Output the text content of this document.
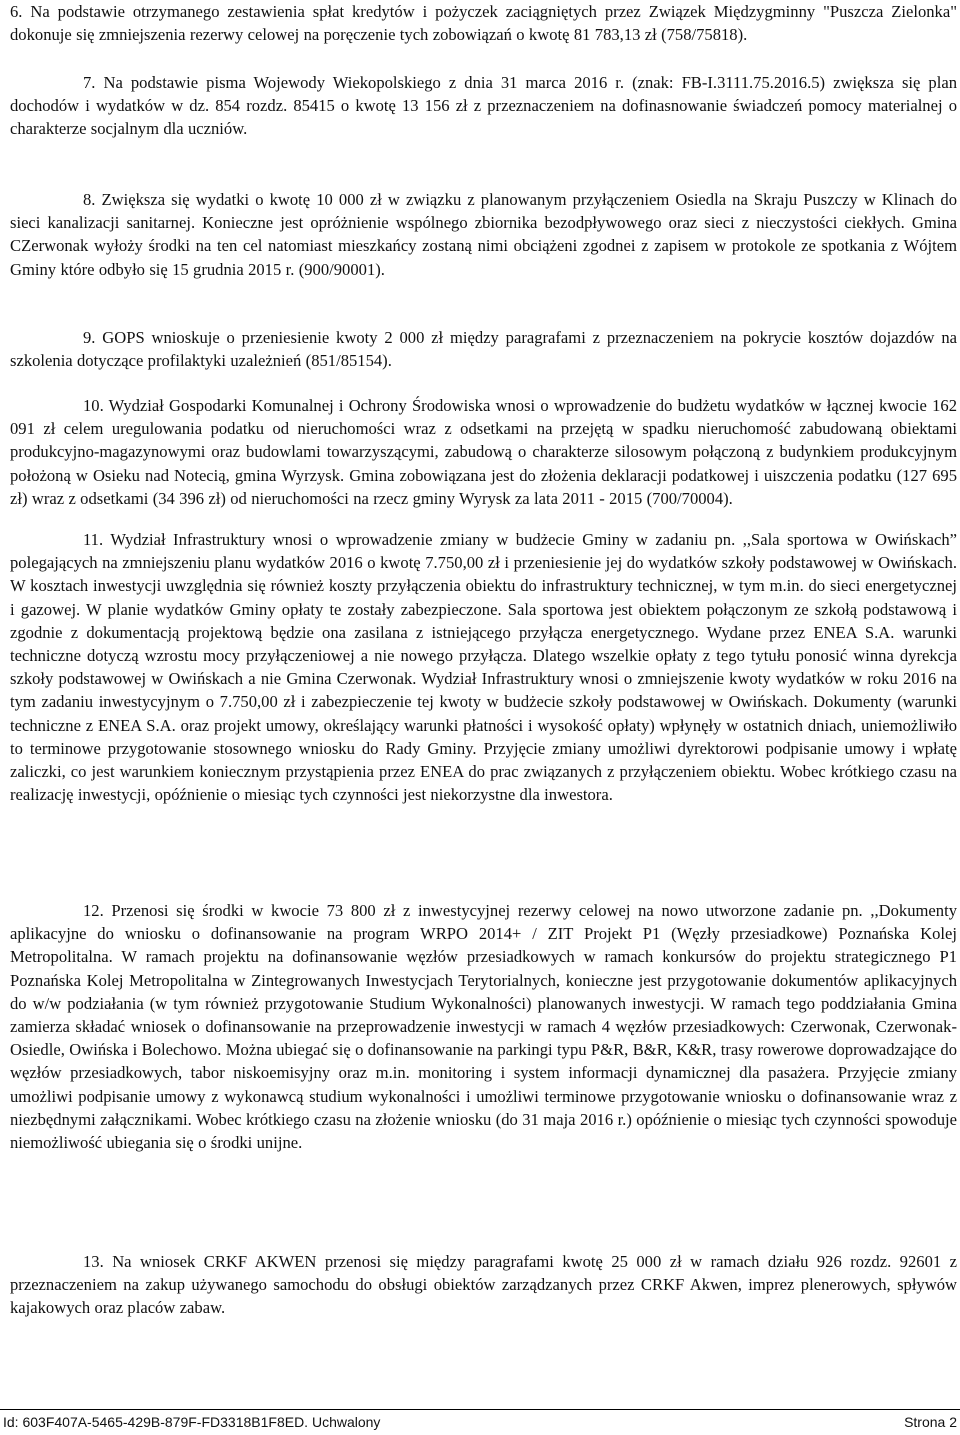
6. Na podstawie otrzymanego zestawienia spłat kredytów i pożyczek zaciągniętych przez Związek Międzygminny "Puszcza Zielonka" dokonuje się zmniejszenia rezerwy celowej na poręczenie tych zobowiązań o kwotę 81 783,13 zł (758/75818).

7. Na podstawie pisma Wojewody Wiekopolskiego z dnia 31 marca 2016 r. (znak: FB-I.3111.75.2016.5) zwiększa się plan dochodów i wydatków w dz. 854 rozdz. 85415 o kwotę 13 156 zł z przeznaczeniem na dofinasnowanie świadczeń pomocy materialnej o charakterze socjalnym dla uczniów.

8. Zwiększa się wydatki o kwotę 10 000 zł w związku z planowanym przyłączeniem Osiedla na Skraju Puszczy w Klinach do sieci kanalizacji sanitarnej. Konieczne jest opróżnienie wspólnego zbiornika bezodpływowego oraz sieci z nieczystości ciekłych. Gmina CZerwonak wyłoży środki na ten cel natomiast mieszkańcy zostaną nimi obciążeni zgodnei z zapisem w protokole ze spotkania z Wójtem Gminy które odbyło się 15 grudnia 2015 r. (900/90001).

9. GOPS wnioskuje o przeniesienie kwoty 2 000 zł między paragrafami z przeznaczeniem na pokrycie kosztów dojazdów na szkolenia dotyczące profilaktyki uzależnień (851/85154).

10. Wydział Gospodarki Komunalnej i Ochrony Środowiska wnosi o wprowadzenie do budżetu wydatków w łącznej kwocie 162 091 zł celem uregulowania podatku od nieruchomości wraz z odsetkami na przejętą w spadku nieruchomość zabudowaną obiektami produkcyjno-magazynowymi oraz budowlami towarzyszącymi, zabudową o charakterze silosowym połączoną z budynkiem produkcyjnym położoną w Osieku nad Notecią, gmina Wyrzysk. Gmina zobowiązana jest do złożenia deklaracji podatkowej i uiszczenia podatku (127 695 zł) wraz z odsetkami (34 396 zł) od nieruchomości na rzecz gminy Wyrysk za lata 2011 - 2015 (700/70004).

11. Wydział Infrastruktury wnosi o wprowadzenie zmiany w budżecie Gminy w zadaniu pn. ,,Sala sportowa w Owińskach” polegających na zmniejszeniu planu wydatków 2016 o kwotę 7.750,00 zł i przeniesienie jej do wydatków szkoły podstawowej w Owińskach. W kosztach inwestycji uwzględnia się również koszty przyłączenia obiektu do infrastruktury technicznej, w tym m.in. do sieci energetycznej i gazowej. W planie wydatków Gminy opłaty te zostały zabezpieczone. Sala sportowa jest obiektem połączonym ze szkołą podstawową i zgodnie z dokumentacją projektową będzie ona zasilana z istniejącego przyłącza energetycznego. Wydane przez ENEA S.A. warunki techniczne dotyczą wzrostu mocy przyłączeniowej a nie nowego przyłącza. Dlatego wszelkie opłaty z tego tytułu ponosić winna dyrekcja szkoły podstawowej w Owińskach a nie Gmina Czerwonak. Wydział Infrastruktury wnosi o zmniejszenie kwoty wydatków w roku 2016 na tym zadaniu inwestycyjnym o 7.750,00 zł i zabezpieczenie tej kwoty w budżecie szkoły podstawowej w Owińskach. Dokumenty (warunki techniczne z ENEA S.A. oraz projekt umowy, określający warunki płatności i wysokość opłaty) wpłynęły w ostatnich dniach, uniemożliwiło to terminowe przygotowanie stosownego wniosku do Rady Gminy. Przyjęcie zmiany umożliwi dyrektorowi podpisanie umowy i wpłatę zaliczki, co jest warunkiem koniecznym przystąpienia przez ENEA do prac związanych z przyłączeniem obiektu. Wobec krótkiego czasu na realizację inwestycji, opóźnienie o miesiąc tych czynności jest niekorzystne dla inwestora.

12. Przenosi się środki w kwocie 73 800 zł z inwestycyjnej rezerwy celowej na nowo utworzone zadanie pn. ,,Dokumenty aplikacyjne do wniosku o dofinansowanie na program WRPO 2014+ / ZIT Projekt P1 (Węzły przesiadkowe) Poznańska Kolej Metropolitalna. W ramach projektu na dofinansowanie węzłów przesiadkowych w ramach konkursów do projektu strategicznego P1 Poznańska Kolej Metropolitalna w Zintegrowanych Inwestycjach Terytorialnych, konieczne jest przygotowanie dokumentów aplikacyjnych do w/w podziałania (w tym również przygotowanie Studium Wykonalności) planowanych inwestycji. W ramach tego poddziałania Gmina zamierza składać wniosek o dofinansowanie na przeprowadzenie inwestycji w ramach 4 węzłów przesiadkowych: Czerwonak, Czerwonak-Osiedle, Owińska i Bolechowo. Można ubiegać się o dofinansowanie na parkingi typu P&R, B&R, K&R, trasy rowerowe doprowadzające do węzłów przesiadkowych, tabor niskoemisyjny oraz m.in. monitoring i system informacji dynamicznej dla pasażera. Przyjęcie zmiany umożliwi podpisanie umowy z wykonawcą studium wykonalności i umożliwi terminowe przygotowanie wniosku o dofinansowanie wraz z niezbędnymi załącznikami. Wobec krótkiego czasu na złożenie wniosku (do 31 maja 2016 r.) opóźnienie o miesiąc tych czynności spowoduje niemożliwość ubiegania się o środki unijne.

13. Na wniosek CRKF AKWEN przenosi się między paragrafami kwotę 25 000 zł w ramach działu 926 rozdz. 92601 z przeznaczeniem na zakup używanego samochodu do obsługi obiektów zarządzanych przez CRKF Akwen, imprez plenerowych, spływów kajakowych oraz placów zabaw.

Id: 603F407A-5465-429B-879F-FD3318B1F8ED. Uchwalony	Strona 2
